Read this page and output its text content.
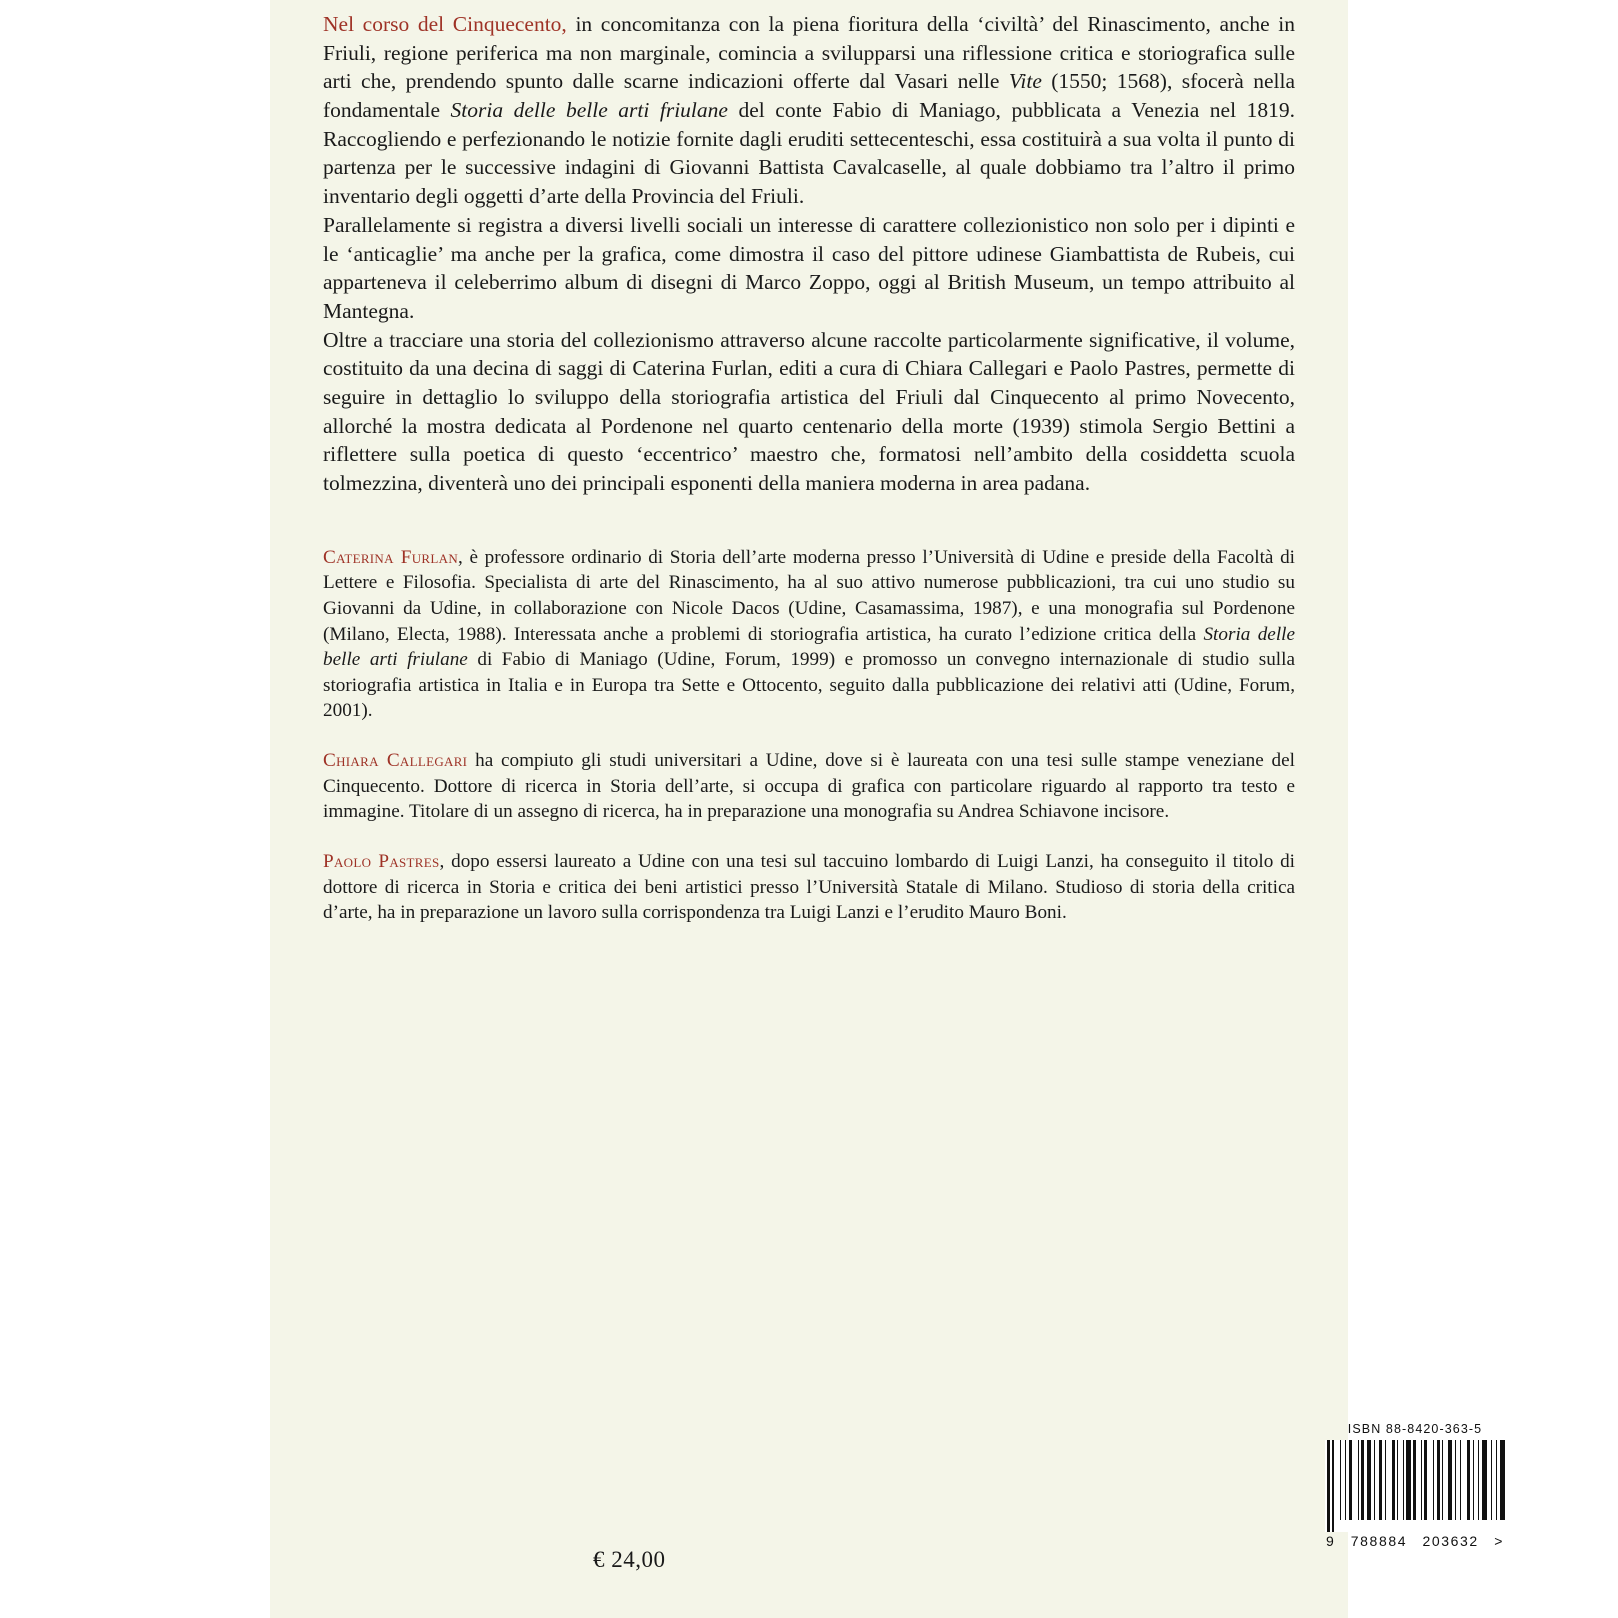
Nel corso del Cinquecento, in concomitanza con la piena fioritura della ‘civiltà’ del Rinascimento, anche in Friuli, regione periferica ma non marginale, comincia a svilupparsi una riflessione critica e storiografica sulle arti che, prendendo spunto dalle scarne indicazioni offerte dal Vasari nelle Vite (1550; 1568), sfocerà nella fondamentale Storia delle belle arti friulane del conte Fabio di Maniago, pubblicata a Venezia nel 1819. Raccogliendo e perfezionando le notizie fornite dagli eruditi settecenteschi, essa costituirà a sua volta il punto di partenza per le successive indagini di Giovanni Battista Cavalcaselle, al quale dobbiamo tra l’altro il primo inventario degli oggetti d’arte della Provincia del Friuli.

Parallelamente si registra a diversi livelli sociali un interesse di carattere collezionistico non solo per i dipinti e le ‘anticaglie’ ma anche per la grafica, come dimostra il caso del pittore udinese Giambattista de Rubeis, cui apparteneva il celeberrimo album di disegni di Marco Zoppo, oggi al British Museum, un tempo attribuito al Mantegna.

Oltre a tracciare una storia del collezionismo attraverso alcune raccolte particolarmente significative, il volume, costituito da una decina di saggi di Caterina Furlan, editi a cura di Chiara Callegari e Paolo Pastres, permette di seguire in dettaglio lo sviluppo della storiografia artistica del Friuli dal Cinquecento al primo Novecento, allorché la mostra dedicata al Pordenone nel quarto centenario della morte (1939) stimola Sergio Bettini a riflettere sulla poetica di questo ‘eccentrico’ maestro che, formatosi nell’ambito della cosiddetta scuola tolmezzina, diventerà uno dei principali esponenti della maniera moderna in area padana.

Caterina Furlan, è professore ordinario di Storia dell’arte moderna presso l’Università di Udine e preside della Facoltà di Lettere e Filosofia. Specialista di arte del Rinascimento, ha al suo attivo numerose pubblicazioni, tra cui uno studio su Giovanni da Udine, in collaborazione con Nicole Dacos (Udine, Casamassima, 1987), e una monografia sul Pordenone (Milano, Electa, 1988). Interessata anche a problemi di storiografia artistica, ha curato l’edizione critica della Storia delle belle arti friulane di Fabio di Maniago (Udine, Forum, 1999) e promosso un convegno internazionale di studio sulla storiografia artistica in Italia e in Europa tra Sette e Ottocento, seguito dalla pubblicazione dei relativi atti (Udine, Forum, 2001).

Chiara Callegari ha compiuto gli studi universitari a Udine, dove si è laureata con una tesi sulle stampe veneziane del Cinquecento. Dottore di ricerca in Storia dell’arte, si occupa di grafica con particolare riguardo al rapporto tra testo e immagine. Titolare di un assegno di ricerca, ha in preparazione una monografia su Andrea Schiavone incisore.

Paolo Pastres, dopo essersi laureato a Udine con una tesi sul taccuino lombardo di Luigi Lanzi, ha conseguito il titolo di dottore di ricerca in Storia e critica dei beni artistici presso l’Università Statale di Milano. Studioso di storia della critica d’arte, ha in preparazione un lavoro sulla corrispondenza tra Luigi Lanzi e l’erudito Mauro Boni.

€ 24,00
ISBN 88-8420-363-5
9 788884 203632 >
